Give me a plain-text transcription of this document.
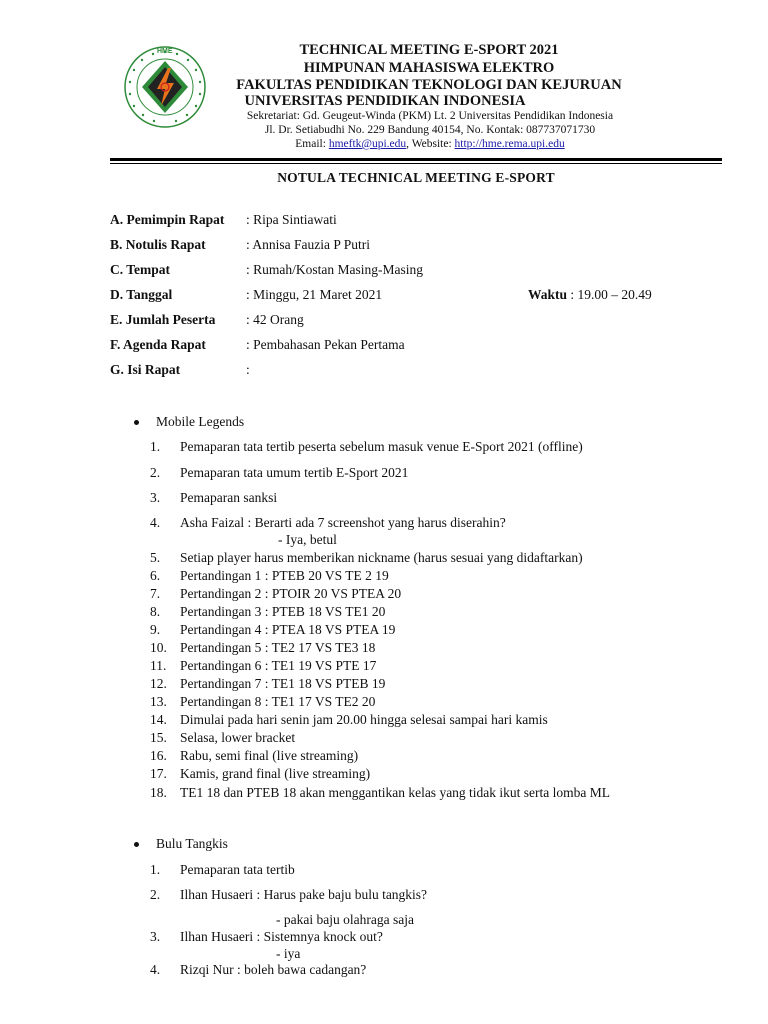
HME	TECHNICAL MEETING E-SPORT 2021
HIMPUNAN MAHASISWA ELEKTRO
FAKULTAS PENDIDIKAN TEKNOLOGI DAN KEJURUAN
UNIVERSITAS PENDIDIKAN INDONESIA
Sekretariat: Gd. Geugeut-Winda (PKM) Lt. 2 Universitas Pendidikan Indonesia
Jl. Dr. Setiabudhi No. 229 Bandung 40154, No. Kontak: 087737071730
Email: hmeftk@upi.edu, Website: http://hme.rema.upi.edu
NOTULA TECHNICAL MEETING E-SPORT
A. Pemimpin Rapat : Ripa Sintiawati
B. Notulis Rapat	: Annisa Fauzia P Putri
C. Tempat	: Rumah/Kostan Masing-Masing
D. Tanggal	: Minggu, 21 Maret 2021	Waktu : 19.00 – 20.49
E. Jumlah Peserta : 42 Orang
F. Agenda Rapat	: Pembahasan Pekan Pertama
G. Isi Rapat	:
Mobile Legends
1.	Pemaparan tata tertib peserta sebelum masuk venue E-Sport 2021 (offline)
2.	Pemaparan tata umum tertib E-Sport 2021
3.	Pemaparan sanksi
4.	Asha Faizal : Berarti ada 7 screenshot yang harus diserahin?
- Iya, betul
5.	Setiap player harus memberikan nickname (harus sesuai yang didaftarkan)
6.	Pertandingan 1 : PTEB 20 VS TE 2 19
7.	Pertandingan 2 : PTOIR 20 VS PTEA 20
8.	Pertandingan 3 : PTEB 18 VS TE1 20
9.	Pertandingan 4 : PTEA 18 VS PTEA 19
10. Pertandingan 5 : TE2 17 VS TE3 18
11.	Pertandingan 6 : TE1 19 VS PTE 17
12. Pertandingan 7 : TE1 18 VS PTEB 19
13. Pertandingan 8 : TE1 17 VS TE2 20
14. Dimulai pada hari senin jam 20.00 hingga selesai sampai hari kamis
15. Selasa, lower bracket
16. Rabu, semi final (live streaming)
17. Kamis, grand final (live streaming)
18. TE1 18 dan PTEB 18 akan menggantikan kelas yang tidak ikut serta lomba ML
Bulu Tangkis
1.	Pemaparan tata tertib
2.	Ilhan Husaeri : Harus pake baju bulu tangkis?
- pakai baju olahraga saja
3.	Ilhan Husaeri : Sistemnya knock out?
- iya
4.	Rizqi Nur : boleh bawa cadangan?
